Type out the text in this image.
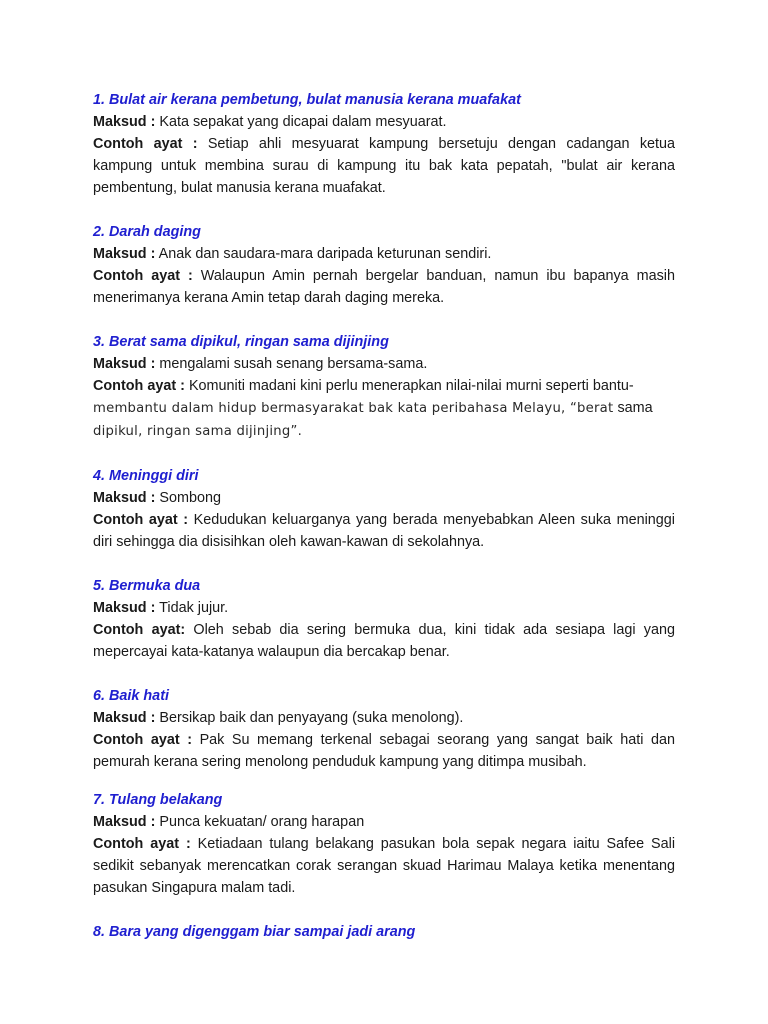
1. Bulat air kerana pembetung, bulat manusia kerana muafakat
Maksud : Kata sepakat yang dicapai dalam mesyuarat.
Contoh ayat : Setiap ahli mesyuarat kampung bersetuju dengan cadangan ketua kampung untuk membina surau di kampung itu bak kata pepatah, "bulat air kerana pembentung, bulat manusia kerana muafakat.
2. Darah daging
Maksud : Anak dan saudara-mara daripada keturunan sendiri.
Contoh ayat : Walaupun Amin pernah bergelar banduan, namun ibu bapanya masih menerimanya kerana Amin tetap darah daging mereka.
3. Berat sama dipikul, ringan sama dijinjing
Maksud : mengalami susah senang bersama-sama.
Contoh ayat : Komuniti madani kini perlu menerapkan nilai-nilai murni seperti bantu-
membantu dalam hidup bermasyarakat bak kata peribahasa Melayu, “berat sama
dipikul, ringan sama dijinjing”.
4. Meninggi diri
Maksud : Sombong
Contoh ayat : Kedudukan keluarganya yang berada menyebabkan Aleen suka meninggi diri sehingga dia disisihkan oleh kawan-kawan di sekolahnya.
5. Bermuka dua
Maksud : Tidak jujur.
Contoh ayat: Oleh sebab dia sering bermuka dua, kini tidak ada sesiapa lagi yang mepercayai kata-katanya walaupun dia bercakap benar.
6. Baik hati
Maksud : Bersikap baik dan penyayang (suka menolong).
Contoh ayat : Pak Su memang terkenal sebagai seorang yang sangat baik hati dan pemurah kerana sering menolong penduduk kampung yang ditimpa musibah.
7. Tulang belakang
Maksud : Punca kekuatan/ orang harapan
Contoh ayat : Ketiadaan tulang belakang pasukan bola sepak negara iaitu Safee Sali sedikit sebanyak merencatkan corak serangan skuad Harimau Malaya ketika menentang pasukan Singapura malam tadi.
8. Bara yang digenggam biar sampai jadi arang
